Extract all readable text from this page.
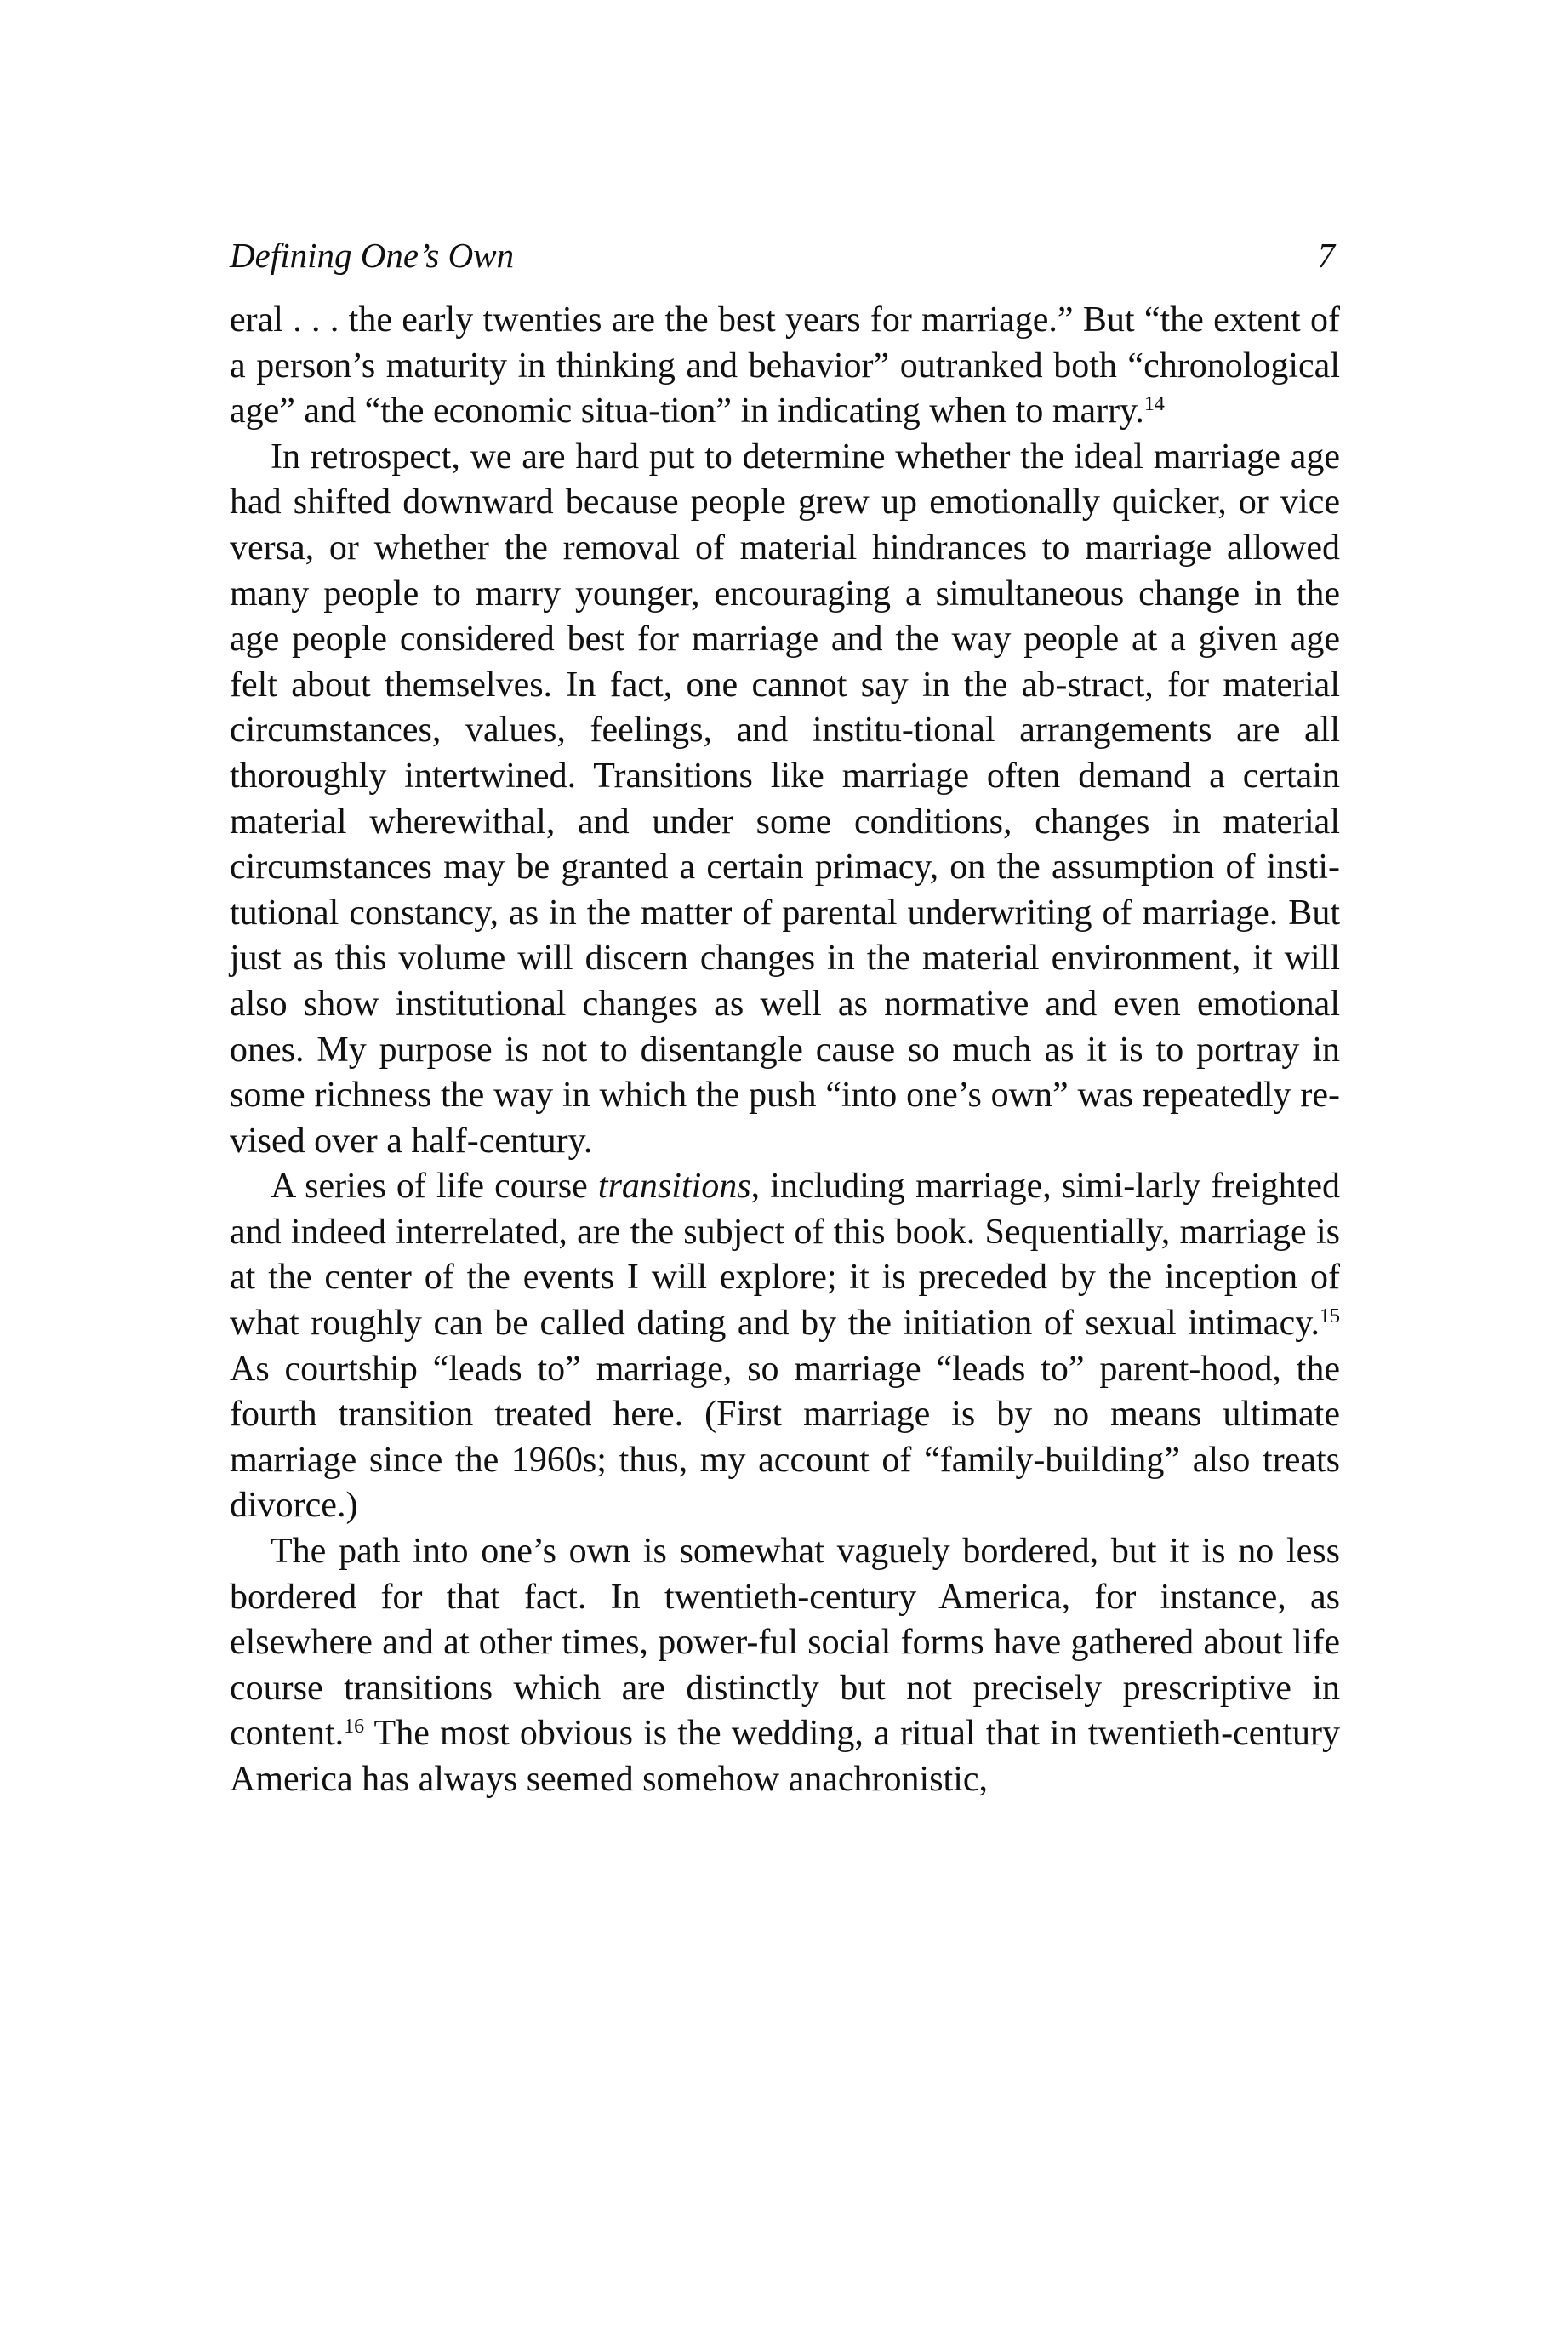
Defining One’s Own	7

eral . . . the early twenties are the best years for marriage.” But “the extent of a person’s maturity in thinking and behavior” outranked both “chronological age” and “the economic situa-tion” in indicating when to marry.$^{14}$

In retrospect, we are hard put to determine whether the ideal marriage age had shifted downward because people grew up emotionally quicker, or vice versa, or whether the removal of material hindrances to marriage allowed many people to marry younger, encouraging a simultaneous change in the age people considered best for marriage and the way people at a given age felt about themselves. In fact, one cannot say in the ab-stract, for material circumstances, values, feelings, and institu-tional arrangements are all thoroughly intertwined. Transitions like marriage often demand a certain material wherewithal, and under some conditions, changes in material circumstances may be granted a certain primacy, on the assumption of insti-tutional constancy, as in the matter of parental underwriting of marriage. But just as this volume will discern changes in the material environment, it will also show institutional changes as well as normative and even emotional ones. My purpose is not to disentangle cause so much as it is to portray in some richness the way in which the push “into one’s own” was repeatedly re-vised over a half-century.

A series of life course transitions, including marriage, simi-larly freighted and indeed interrelated, are the subject of this book. Sequentially, marriage is at the center of the events I will explore; it is preceded by the inception of what roughly can be called dating and by the initiation of sexual intimacy.$^{15}$ As courtship “leads to” marriage, so marriage “leads to” parent-hood, the fourth transition treated here. (First marriage is by no means ultimate marriage since the 1960s; thus, my account of “family-building” also treats divorce.)

The path into one’s own is somewhat vaguely bordered, but it is no less bordered for that fact. In twentieth-century America, for instance, as elsewhere and at other times, power-ful social forms have gathered about life course transitions which are distinctly but not precisely prescriptive in content.$^{16}$ The most obvious is the wedding, a ritual that in twentieth-century America has always seemed somehow anachronistic,
